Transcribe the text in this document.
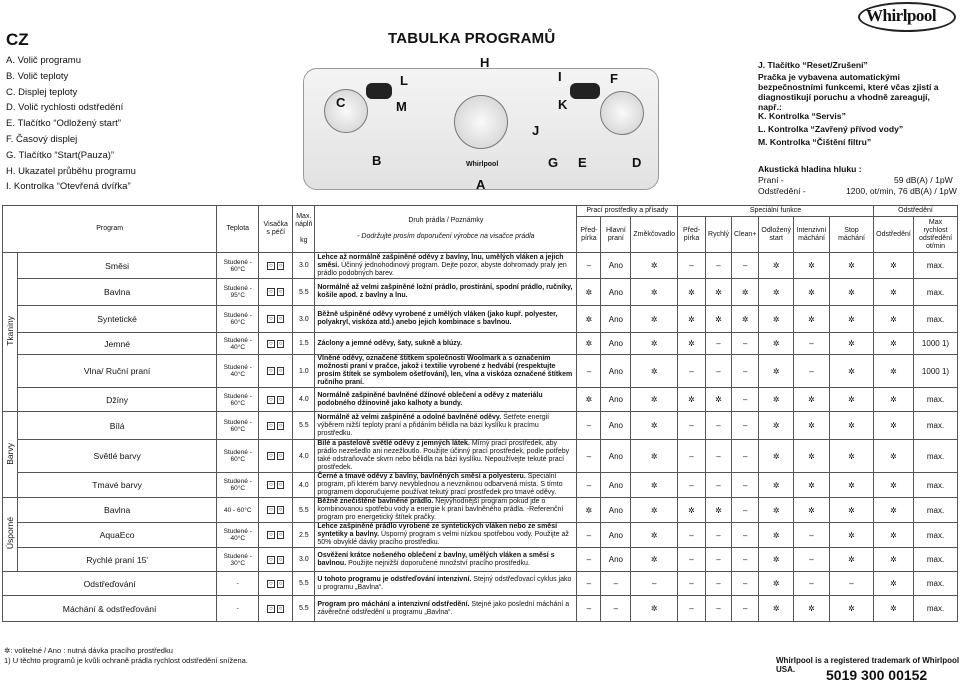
CZ	TABULKA PROGRAMŮ
Whirlpool
A. Volič programu
B. Volič teploty
C. Displej teploty
D. Volič rychlosti odstředění
E. Tlačítko “Odložený start”
F. Časový displej
G. Tlačítko “Start(Pauza)”
H. Ukazatel průběhu programu
I. Kontrolka “Otevřená dvířka”
H
I	F
L
C	M	K
J
B	G E	D
A
Whirlpool
J. Tlačítko “Reset/Zrušení”
Pračka je vybavena automatickými bezpečnostními funkcemi, které včas zjistí a diagnostikují poruchu a vhodně zareagují, např.:
K. Kontrolka “Servis”
L. Kontrolka “Zavřený přívod vody”
M. Kontrolka “Čištění filtru”
Akustická hladina hluku :
Praní -	59 dB(A) / 1pW
Odstředění -	1200, ot/min, 76 dB(A) / 1pW
Program		Teplota	Visačka s péčí	Max. náplň

kg	Druh prádla / Poznámky

- Dodržujte prosím doporučení výrobce na visačce prádla	Prací prostředky a přísady			Speciální funkce						Odstředění	
						Před-pírka	Hlavní praní	Změkčovadlo	Před-pírka	Rychlý	Clean+	Odložený start	Intenzivní máchání	Stop máchání	Odstředění	Max rychlost odstředění ot/min
Tkaniny	Směsi	Studené - 60°C	○ ○	3.0	Lehce až normálně zašpiněné oděvy z bavlny, lnu, umělých vláken a jejich směsí. Účinný jednohodinový program. Dejte pozor, abyste dohromady praly jen prádlo podobných barev.	–	Ano	✲	–	–	–	✲	✲	✲	✲	max.
	Bavlna	Studené - 95°C	○ ○	5.5	Normálně až velmi zašpiněné ložní prádlo, prostírání, spodní prádlo, ručníky, košile apod. z bavlny a lnu.	✲	Ano	✲	✲	✲	✲	✲	✲	✲	✲	max.
	Syntetické	Studené - 60°C	○ ○	3.0	Běžně ušpiněné oděvy vyrobené z umělých vláken (jako kupř. polyester, polyakryl, viskóza atd.) anebo jejich kombinace s bavlnou.	✲	Ano	✲	✲	✲	✲	✲	✲	✲	✲	max.
	Jemné	Studené - 40°C	○ ○	1.5	Záclony a jemné oděvy, šaty, sukně a blúzy.	✲	Ano	✲	✲	–	–	✲	–	✲	✲	1000 1)
	Vlna/ Ruční praní	Studené - 40°C	○ ○	1.0	Vlněné oděvy, označené štítkem společnosti Woolmark a s označením možnosti praní v pračce, jakož i textilie vyrobené z hedvábí (respektujte prosím štítek se symbolem ošetřování), len, vlna a viskóza označené štítkem ručního praní.	–	Ano	✲	–	–	–	✲	–	✲	✲	1000 1)
	Džíny	Studené - 60°C	○ ○	4.0	Normálně zašpiněné bavlněné džínové oblečení a oděvy z materiálu podobného džínovině jako kalhoty a bundy.	✲	Ano	✲	✲	✲	–	✲	✲	✲	✲	max.
Barvy	Bílá	Studené - 60°C	○ ○	5.5	Normálně až velmi zašpiněné a odolné bavlněné oděvy. Šetřete energií výběrem nižší teploty praní a přidáním bělidla na bázi kyslíku k pracímu prostředku.	–	Ano	✲	–	–	–	✲	✲	✲	✲	max.
	Světlé barvy	Studené - 60°C	○ ○	4.0	Bílé a pastelově světlé oděvy z jemných látek. Mírný prací prostředek, aby prádlo nezešedlo ani nezežloutlo. Použijte účinný prací prostředek, podle potřeby také odstraňovače skvrn nebo bělidla na bázi kyslíku. Nepoužívejte tekuté prací prostředek.	–	Ano	✲	–	–	–	✲	✲	✲	✲	max.
	Tmavé barvy	Studené - 60°C	○ ○	4.0	Černé a tmavé oděvy z bavlny, bavlněných směsí a polyesteru. Speciální program, při kterém barvy nevyblednou a nevzniknou odbarvená místa. S tímto programem doporučujeme používat tekutý prací prostředek pro tmavé oděvy.	–	Ano	✲	–	–	–	✲	✲	✲	✲	max.
Úsporné	Bavlna	40 - 60°C	○ ○	5.5	Běžně znečištěné bavlněné prádlo. Nejvýhodnější program pokud jde o kombinovanou spotřebu vody a energie k praní bavlněného prádla. -Referenční program pro energetický štítek pračky.	✲	Ano	✲	✲	✲	–	✲	✲	✲	✲	max.
	AquaEco	Studené - 40°C	○ ○	2.5	Lehce zašpiněné prádlo vyrobené ze syntetických vláken nebo ze směsí syntetiky a bavlny. Úsporný program s velmi nízkou spotřebou vody. Použijte až 50% obvyklé dávky pracího prostředku.	–	Ano	✲	–	–	–	✲	–	✲	✲	max.
	Rychlé praní 15'	Studené - 30°C	○ ○	3.0	Osvěžení krátce nošeného oblečení z bavlny, umělých vláken a směsí s bavlnou. Použijte nejnižší doporučené množství pracího prostředku.	–	Ano	✲	–	–	–	✲	–	✲	✲	max.
Odstřeďování		-	○ ○	5.5	U tohoto programu je odstřeďování intenzivní. Stejný odstřeďovací cyklus jako u programu „Bavlna“.	–	–	–	–	–	–	✲	–	–	✲	max.
Máchání & odstřeďování		-	○ ○	5.5	Program pro máchání a intenzivní odstředění. Stejné jako poslední máchání a závěrečné odstředění u programu „Bavlna“.	–	–	✲	–	–	–	✲	✲	✲	✲	max.
✲: volitelné / Ano : nutná dávka pracího prostředku
1) U těchto programů je kvůli ochraně prádla rychlost odstředění snížena.	Whirlpool is a registered trademark of Whirlpool USA.	5019 300 00152
